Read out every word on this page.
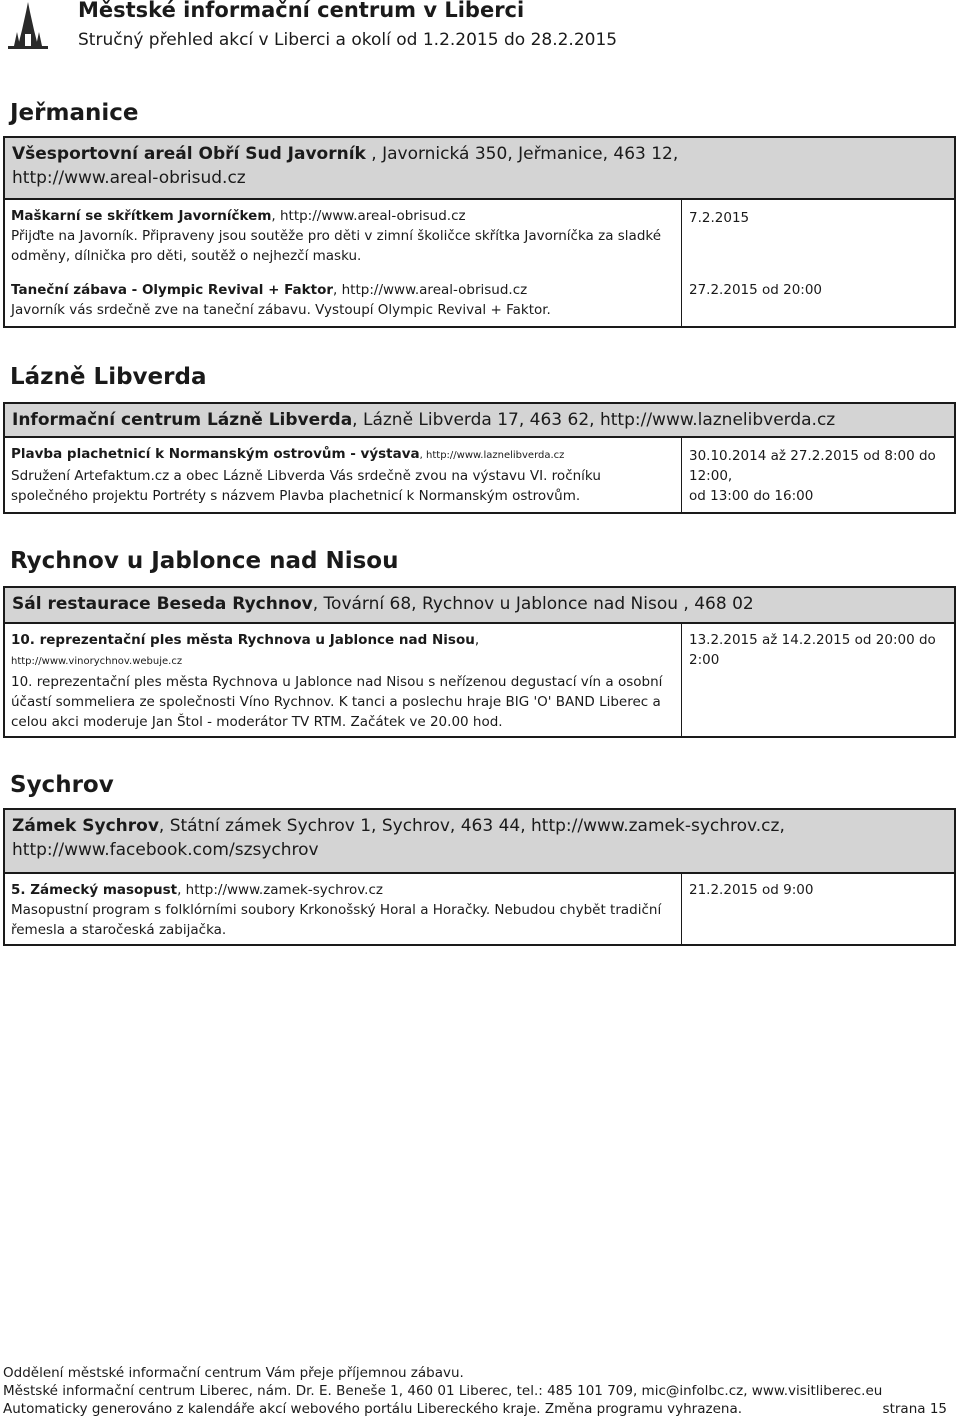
Městské informační centrum v Liberci
Stručný přehled akcí v Liberci a okolí od 1.2.2015 do 28.2.2015
Jeřmanice
Všesportovní areál Obří Sud Javorník , Javornická 350, Jeřmanice, 463 12,
http://www.areal-obrisud.cz
Maškarní se skřítkem Javorníčkem, http://www.areal-obrisud.cz
Přijďte na Javorník. Připraveny jsou soutěže pro děti v zimní školičce skřítka Javorníčka za sladké odměny, dílnička pro děti, soutěž o nejhezčí masku.
7.2.2015
Taneční zábava - Olympic Revival + Faktor, http://www.areal-obrisud.cz
Javorník vás srdečně zve na taneční zábavu. Vystoupí Olympic Revival + Faktor.
27.2.2015 od 20:00
Lázně Libverda
Informační centrum Lázně Libverda, Lázně Libverda 17, 463 62, http://www.laznelibverda.cz
Plavba plachetnicí k Normanským ostrovům - výstava, http://www.laznelibverda.cz
Sdružení Artefaktum.cz a obec Lázně Libverda Vás srdečně zvou na výstavu VI. ročníku společného projektu Portréty s názvem Plavba plachetnicí k Normanským ostrovům.
30.10.2014 až 27.2.2015 od 8:00 do 12:00,
od 13:00 do 16:00
Rychnov u Jablonce nad Nisou
Sál restaurace Beseda Rychnov, Tovární 68, Rychnov u Jablonce nad Nisou , 468 02
10. reprezentační ples města Rychnova u Jablonce nad Nisou,
http://www.vinorychnov.webuje.cz
10. reprezentační ples města Rychnova u Jablonce nad Nisou s neřízenou degustací vín a osobní účastí sommeliera ze společnosti Víno Rychnov. K tanci a poslechu hraje BIG 'O' BAND Liberec a celou akci moderuje Jan Štol - moderátor TV RTM. Začátek ve 20.00 hod.
13.2.2015 až 14.2.2015 od 20:00 do 2:00
Sychrov
Zámek Sychrov, Státní zámek Sychrov 1, Sychrov, 463 44, http://www.zamek-sychrov.cz,
http://www.facebook.com/szsychrov
5. Zámecký masopust, http://www.zamek-sychrov.cz
Masopustní program s folklórními soubory Krkonošský Horal a Horačky. Nebudou chybět tradiční řemesla a staročeská zabijačka.
21.2.2015 od 9:00
Oddělení městské informační centrum Vám přeje příjemnou zábavu.
Městské informační centrum Liberec, nám. Dr. E. Beneše 1, 460 01 Liberec, tel.: 485 101 709, mic@infolbc.cz, www.visitliberec.eu
Automaticky generováno z kalendáře akcí webového portálu Libereckého kraje. Změna programu vyhrazena.	strana 15
